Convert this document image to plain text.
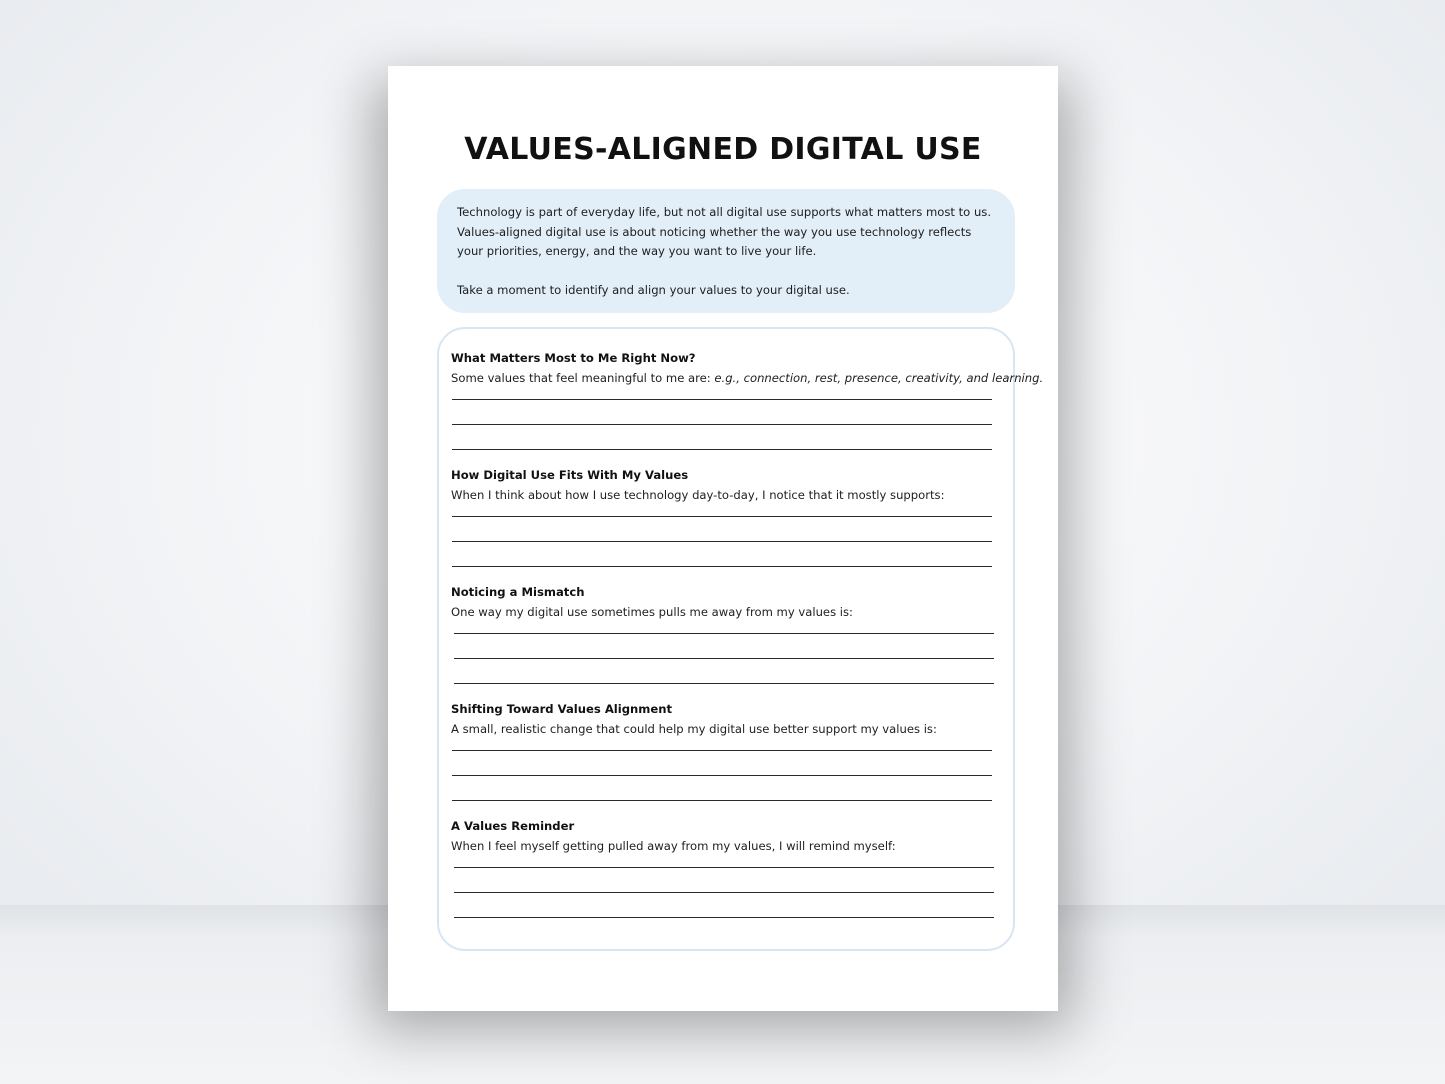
VALUES-ALIGNED DIGITAL USE

Technology is part of everyday life, but not all digital use supports what matters most to us. Values-aligned digital use is about noticing whether the way you use technology reflects your priorities, energy, and the way you want to live your life.

Take a moment to identify and align your values to your digital use.

What Matters Most to Me Right Now?
Some values that feel meaningful to me are: e.g., connection, rest, presence, creativity, and learning.
How Digital Use Fits With My Values
When I think about how I use technology day-to-day, I notice that it mostly supports:
Noticing a Mismatch
One way my digital use sometimes pulls me away from my values is:
Shifting Toward Values Alignment
A small, realistic change that could help my digital use better support my values is:
A Values Reminder
When I feel myself getting pulled away from my values, I will remind myself:
